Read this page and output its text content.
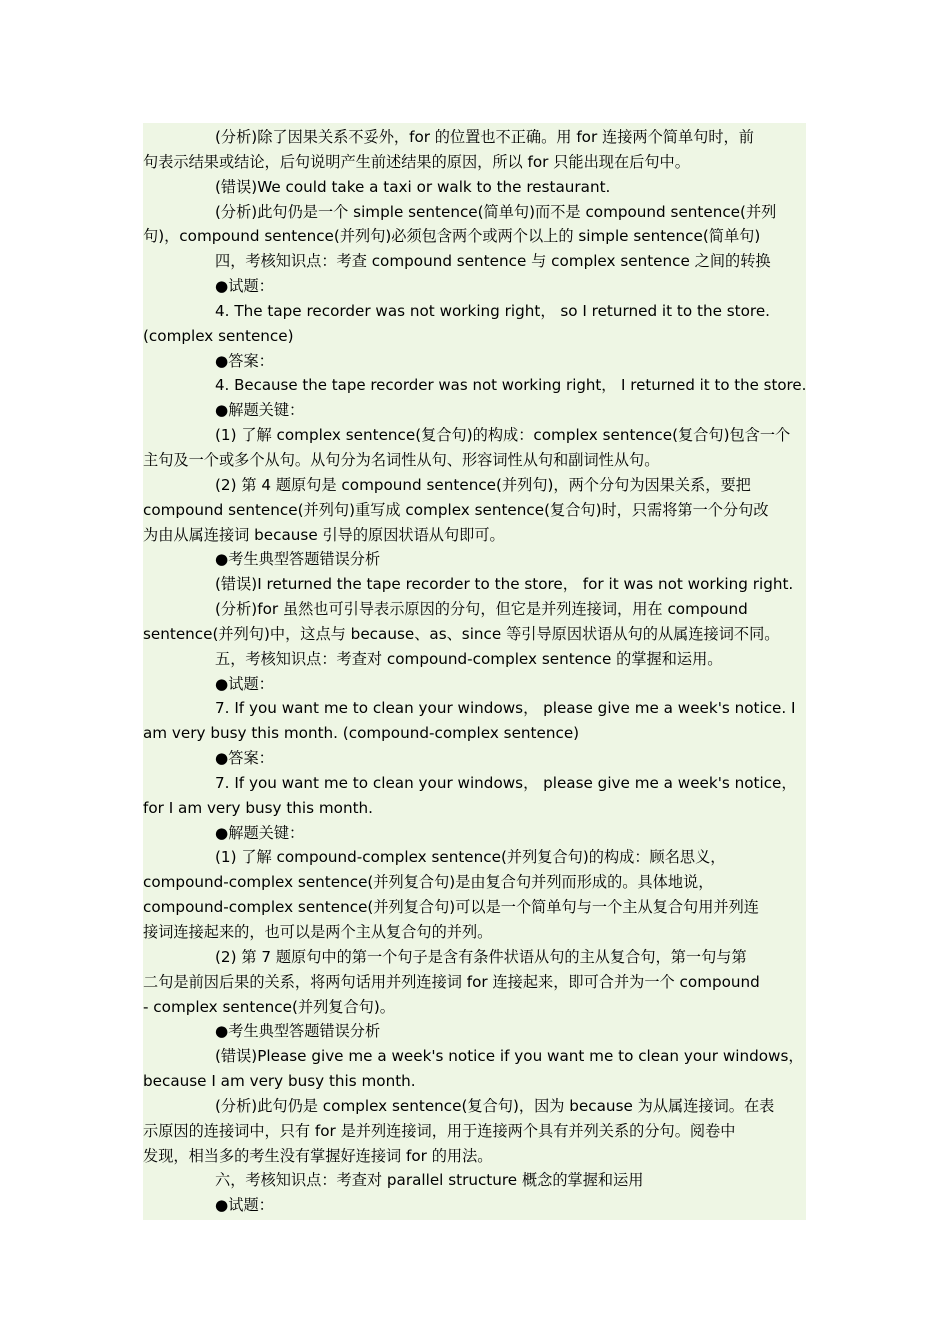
(分析)除了因果关系不妥外，for 的位置也不正确。用 for 连接两个简单句时，前

句表示结果或结论，后句说明产生前述结果的原因，所以 for 只能出现在后句中。

(错误)We could take a taxi or walk to the restaurant.

(分析)此句仍是一个 simple sentence(简单句)而不是 compound sentence(并列

句)，compound sentence(并列句)必须包含两个或两个以上的 simple sentence(简单句)

四，考核知识点：考查 compound sentence 与 complex sentence 之间的转换

●试题：

4. The tape recorder was not working right， so I returned it to the store.

(complex sentence)

●答案：

4. Because the tape recorder was not working right， I returned it to the store.

●解题关键：

(1) 了解 complex sentence(复合句)的构成：complex sentence(复合句)包含一个

主句及一个或多个从句。从句分为名词性从句、形容词性从句和副词性从句。

(2) 第 4 题原句是 compound sentence(并列句)，两个分句为因果关系，要把

compound sentence(并列句)重写成 complex sentence(复合句)时，只需将第一个分句改

为由从属连接词 because 引导的原因状语从句即可。

●考生典型答题错误分析

(错误)I returned the tape recorder to the store， for it was not working right.

(分析)for 虽然也可引导表示原因的分句，但它是并列连接词，用在 compound

sentence(并列句)中，这点与 because、as、since 等引导原因状语从句的从属连接词不同。

五，考核知识点：考查对 compound-complex sentence 的掌握和运用。

●试题：

7. If you want me to clean your windows， please give me a week's notice. I

am very busy this month. (compound-complex sentence)

●答案：

7. If you want me to clean your windows， please give me a week's notice，

for I am very busy this month.

●解题关键：

(1) 了解 compound-complex sentence(并列复合句)的构成：顾名思义，

compound-complex sentence(并列复合句)是由复合句并列而形成的。具体地说，

compound-complex sentence(并列复合句)可以是一个简单句与一个主从复合句用并列连

接词连接起来的，也可以是两个主从复合句的并列。

(2) 第 7 题原句中的第一个句子是含有条件状语从句的主从复合句，第一句与第

二句是前因后果的关系，将两句话用并列连接词 for 连接起来，即可合并为一个 compound

- complex sentence(并列复合句)。

●考生典型答题错误分析

(错误)Please give me a week's notice if you want me to clean your windows，

because I am very busy this month.

(分析)此句仍是 complex sentence(复合句)，因为 because 为从属连接词。在表

示原因的连接词中，只有 for 是并列连接词，用于连接两个具有并列关系的分句。阅卷中

发现，相当多的考生没有掌握好连接词 for 的用法。

六，考核知识点：考查对 parallel structure 概念的掌握和运用

●试题：
